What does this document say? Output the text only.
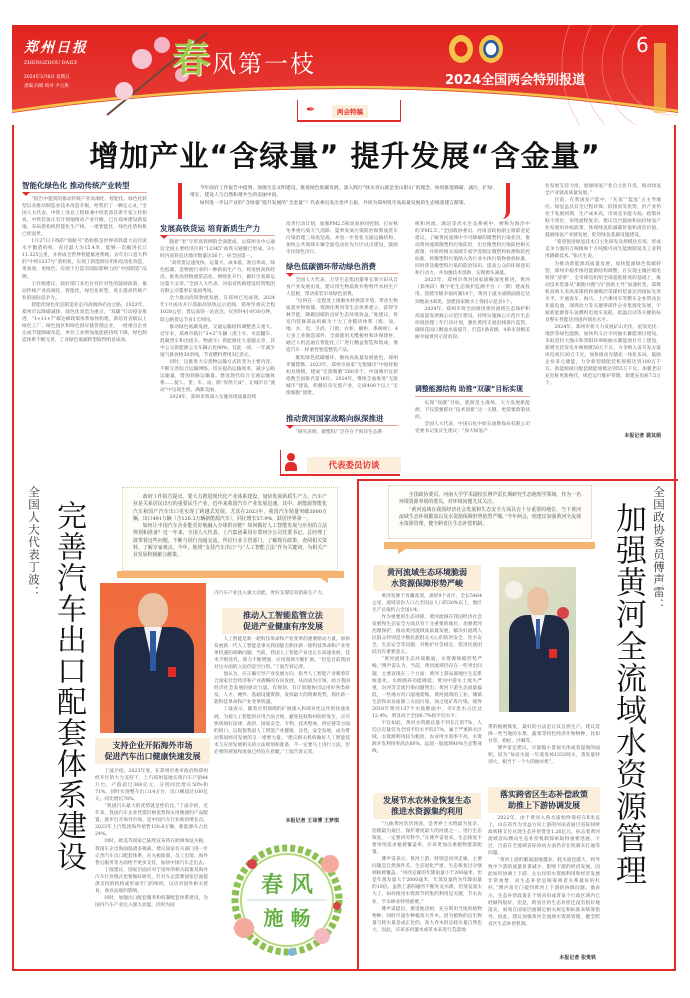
郑州日报
ZHENGZHOU DAILY
2024年3月8日 星期五
责编 向辉 校对 尹占典
春风第一枝
2024全国两会特别报道
6
✒	两会特稿
增加产业“含绿量” 提升发展“含金量”

今年政府工作报告中提到，加强生态文明建设，推进绿色低碳发展。深入践行“绿水青山就是金山银山”的理念，协同推进降碳、减污、扩绿、增长，建设人与自然和谐共生的美丽中国。

如何进一步以产业的“含绿量”提升发展的“含金量”？代表委员发出金声玉振，共同为郑州筑牢高质量发展的生态根基建言献策。

智能化绿色化 推动传统产业转型

“报告中提到的推动传统产业高端化、智能化、绿色化转型以及推动制造业技术改造升级，给我们了一颗定心丸。”全国人大代表、中铁工业总工程师兼中铁装备首席专家王杜娟说，中铁装备正有计划地推动产业升级，已在郑州建设新基地，布局盾构机智能化生产线，一批智能化、绿色化盾构机已经面世。

1月27日下线的“领航号”盾构机是世界高铁最大直径泥水平衡盾构机，直径最大为15.4米，能够一次掘进长江11.325公里，并将成全世界智能掘进系统。去年出口意大利的“中铁1237号”盾构机，实现了新能源应用和电动化改造，更高效、更绿色，有助于打造有国际影响力的“中国制造”品牌。

王杜娟建议，政府部门多出台有针对性的鼓励政策，推动传统产业高端化、智能化、绿色化转型，真正提高传统产业的国际竞争力。

智能化绿色化是制造业走向高端的必由之路。2023年，郑州市以降碳减排、绿色化改造为重点，“双碳”行动稳妥推进，“1+11+7”碳达峰政策体系加快构建，新培育省级以上绿色工厂、绿色园区和绿色供应链管理企业，一批重点企业完成节能降碳改造，单位工业增加值能耗持续下降，绿色制造体系不断完善，工业绿色低碳转型取得明显成效。

发展高铁货运 培育新质生产力

随着“米”字形高铁网的全面建成，以郑州为中心通达全国主要经济区的“12345”高铁交通圈已形成，3小时内高铁直达地市数量达56个，居全国第一。

“高铁货运速度快、运量大、成本低、准点率高、绿色低碳，是物流行业的一种新质生产力。将发展高铁经济，推进高铁物流常态化、网络化开行，做好空高联运这篇大文章。”全国人大代表、河南省铁路建设投资集团有限公司董事长张国秀说。

全力推动高铁物流发展，在郑州已见成效。2024年1月成功开行郑渝高铁快运示范线，郑州至重庆全程1028公里，货运高铁一站直达，仅用时4小时30分钟，较公路货运节省1天时间。

推动绿色低碳发展，交通运输结构调整意义重大。近年来，郑州市践行“3+2”车辆（渣土车、水泥罐车、混凝货车和出租车、物流车）新能源化大道题文章，其中公交新能源公交车辆占比98%，仅此一项，一年减少尾气排放物30余吨，节省燃料费用3亿余元。

同时，以推进大宗货物运输方式转变为主要内容，不断完善综合运输网络，切实提高运输效率，减少公路运输量，增加铁路运输量。建设现代综合交通运输体系……使人、货、车、站、路“浑然天成”，让城市在“流动”中呈现生机、满新美丽。

2024年，郑州市将深入实施环境质量持续

改善行动计划，加强PM2.5和臭氧协同控制，打好秋冬季重污染天气消除、夏季臭氧污染防治和柴油货车污染治理三场攻坚战。并进一步优化交通运输结构，加快公共领域车辆全面电动化先行区试点建设，鼓励市民绿色出行。

绿色低碳循环带动绿色消费

全国人大代表、万华生态集团董事长郭兴田从自身产业发展出发，建议用生物质废弃物替代木材生产人造板，带动家装市场绿色消费。

“这将在一定程度上缓解木材供需矛盾，带动生物质废弃物收储、资源化利用等生态体系建立，获得节林节能、降碳固碳的良好生态环境效益。”他建议，将室内装修部品拆解为十大工业模块体系（墙、顶、地、水、电、卫浴、门窗、衣柜、橱柜、系统柜），4万多工业制造部件，全部使用无醛板材和环保建材，通过人机直通在智能化工厂进行精益智造和集成，像造汽车一样柔性智造整装产品。

聚焦绿色低碳循环，擦亮高质量发展底色。郑州步履铿锵。2023年，郑州市国家“无废城市”中原样板初具规模，建成“无废细胞”260余个，中国城市宜居指数全国排名第16位。2024年，继续全面推进“无废城市”建设，积极培育无废产业，完成400个以上“无废细胞”创建。

推动黄河国家战略向纵深推进

“研究表明，微塑料广泛存在于海洋生态系

统和河流、湖泊等淡水生态系统中，被称为海洋中的‘PM2.5’。”全国政协委员、河南省政协副主席薛金花建议，了解黄河流域中不可降解的微塑料污染状况，推动黄河流域微塑料污染防治，出台微塑料污染防控相关政策，并组织相关领域专家学者制定微塑料检测和防控标准，将微塑料污染纳入各行业水体污染物排放标准。同时普及微塑料污染的防治知识，提高公众的环保意识和行动力，并加强技术创新，实现源头减量。

2023年，郑州市黄河国家战略深度推进。黄河（郑州段）数字化生态保护监测平台（一期）建成投用。创建市级幸福河湖10个，黄河干流水质断面稳定达到地表水Ⅱ类。创建国家级水土保持示范县1个。

2024年，郑州市将全面推进黄河流域生态保护和高质量发展核心示范区建设。持续实施核心示范区生态环境治理三年行动计划，强化黄河支流沿线排污监管，确保花园口断面水质提升，打造1条省级、4条市县级美丽幸福黄河示范河段。

调整能源结构 助推“双碳”目标实现

实现“双碳”目标，能源是主战场。大力发展新能源，不仅需要抓住“技术创新”这一关键，更需要政策扶持。

全国人大代表、中国石化中原石油勘探局有限公司党委书记张庆生建议：“加大绿氢产

业发展支持力度，加强绿氢产业自主化开发，推动绿氢全产业链高质量发展。”

目前，在我国氢产能中，“灰氢”“蓝氢”占主导地位。绿氢虽具有全过程环保、低排放等优势，但产业仍处于发展初期，生产成本高，市场竞争能力弱，政策补贴不到位，审批流程复杂。建议出台鼓励和扶持绿氢产业发展的补贴政策，体现绿氢的减碳价值和清洁价值，鼓励绿氢产业链发展，促进绿氢基础设施建设。

“希望促进绿氢技术自主化研发及规模化应用，形成竞争力强的万吨级和十万吨级可再生能源制氢及工业利用降碳技术。”张庆生说。

为推动新能源高质量发展，加快能源绿色低碳转型，郑州市稳步推进能源结构调整，在实现主城区煤电机组“清零”、全市煤电机组全部超低排放的基础上，推动技术装备从“跟跑并跑”向“创新主导”加速转变，郑煤机高端大采高采煤机和薄煤层采煤机装备达到国际先进水平。宇通客车、海马、上汽乘用车等整车企业带动比亚迪电池、深圳动力等关键零部件企业集群化发展，宇通新能源客车氢燃料电池车氢耗、低温启动等关键指标及整车性能达到国内领先水平。

2024年，郑州市将大力发展矿山光伏、屋顶光伏、地热等绿色能源，加快巩义后寺河抽水蓄能项目建设，争取登封大熊山和荥阳环翠峪抽水蓄能项目开工建设，新增光伏发电并网规模50万千瓦，力争纳入省开发方案风电项目30万千瓦。加快推动光储充一体化布局，鼓励企业多元储能，力争新型储能装机规模达到180万千瓦，新能源项目配套储能规模达到55万千瓦。加强老旧充电桩更新换代，规范运行维护管理，新建充电桩7.5万个。

本报记者 裴其娟
代表委员访谈
全国人大代表丁波： 完善汽车出口配套体系建设

政府工作报告提出，要大力推进现代化产业体系建设，加快发展新质生产力。汽车产业是关系居民出行的重要民生产业，近年来我国汽车产业发展迅速。其中，新能源智能化汽车和国产汽车出口更实现了跨越式发展。尤其在2023年，我国汽车销量突破3000万辆，出口491万辆（含120.3万辆新能源汽车），同比增长57.9%，跃居世界第一。

如何让中国汽车企业能更好地融入全球供应链？如何做好人工智能发展与应用的立法规划和准备？近一年来，全国人大代表、上汽集团乘用车郑州分公司党委书记、总经理丁波带着这些问题，不断与同行沟通交流，拜访行业主管部门，了解现有政策，查阅相关资料，了解专家观点。今年，他将“支持汽车出口”与“人工智能立法”作为关键词，为相关产业发展积极献言献策。

支持企业开拓海外市场
促进汽车出口健康快速发展

丁波介绍，2023年度，在郑州市委市政府和郑州经开区的大力支持下，上汽郑州基地实现汽车产销44万台，产值超过368亿元，分别同比增长50%和71%。同时实现整车出口14万台，出口额超过100亿元，同比增长76%。

“我国汽车最大的优势就是性价比。”丁波介绍，近年来，我国汽车企业凭借价格优势和实用便捷的产品配置，逐步打开海外市场，是中国汽车行业新的增长点。2023年上汽集团海外销售120.8万辆，新能源车占比24%。

同时，欧美等国家已陆续宣布将在欧洲加征关税，我国车企出海面临诸多挑战，建议国家有关部门进一步完善汽车出口配套体系，在关税政策、员工出境、海外售后服务等方面给予更多支持，加快中国汽车走出去。

丁波建议，国家层面应对于国外的相关政策及海外汽车行业模式也要做好研究，针对车企需要国家层面提供支持的机构或形成专门的组织，以应对国外相关贸易、商业法规的影响。

同时，加强出口配套服务和机制配套体系建设，为国内汽车产业注入强大动能，同时为国

内汽车产业注入强大动能，更好支撑培育新质生产力。

推动人工智能监管立法
促进产业健康有序发展

人工智能是新一轮科技革命和产业变革的重要驱动力量，加快发展新一代人工智能是事关我国能否抓住新一轮科技革命和产业变革机遇的战略问题。当前，我国人工智能产业也正在高速发展，技术不断迭代，算力不断增强，应用领域不断扩展。“但是目前我国对这方面的立法仍是空白的。”丁波告诉记者。

他认为，应正确引导产业发展方向，指导人工智能产业朝着符合国家社会经济和产业战略的方向发展，从而成为引领、助力我国经济社会发展的驱动力量。有规划、有计划地协同运用好各类研发、人才、硬件、基础设施资源，发挥最大的资源优势，抓住新一轮科技革命和产业变革机遇。

丁波表示，随着应用领域的扩展深入和商业化运作的快速发展，为使人工智能的应用合法合规，避免侵权和纠纷的发生，应尽快规划好法律、政府、国家安全、专利、技术壁垒、供应链等方面的接口，以促使我国人工智能产业健康、良性、安全发展，成为带动我国经济发展的又一重要力量。“建议相关机构做好人工智能技术与应用发展相关的立法规划和准备，不一定要马上进行立法，但必要的规划和准备已经迫在眉睫。”丁波告诉记者。

本报记者 王译博 王梦琪
春 风
施 畅

全国政协委员、河南大学学术副校长傅声雷长期研究生态地理学领域，作为一名环境资源界别的委员，对环境问题尤其关注。

“黄河流域在我国经济社会发展和生态安全方面具有十分重要的地位，当下黄河流域生态环境脆弱以及水资源保障形势依然严峻。”今年两会，他建议加强黄河全流域水资源管理，健全跨省区生态补偿机制。	全国政协委员傅声雷：
加强黄河全流域水资源管理
黄河流域生态环境脆弱
水资源保障形势严峻

黄河发源于青藏高原，流经9个省区，全长5464公里，流域省份人口占全国总人口的30%以上，地区生产总值约占全国1/4。

作为重要的生态屏障，黄河流域在我国经济社会发展和生态安全方面具有十分重要的地位，加强黄河治理保护，推动黄河流域高质量发展，解决好流域人民群众特别是少数民族群众关心的防洪安全、饮水安全、生态安全等问题，对维护社会稳定、促进民族团结具有重要意义。

“黄河流域生态环境脆弱，水资源保障形势严峻。”傅声雷认为，当前，黄河流域仍存在一些突出问题，主要表现在三个方面：黄河上游局部地区生态系统退化，水源涵养功能降低；黄河中游水土流失严重，汾河等支流污染问题突出；黄河下游生态流量偏低，一些地方河口湿地萎缩。黄河流域的工业、城镇生活和农业面源三方面污染，加之尾矿库污染，使得2018年黄河137个水质断面中，劣Ⅴ类水占比达12.4%，明显高于全国6.7%的平均水平。

不仅如此，黄河水资源总量不到长江的7%，人均占有量仅为全国平均水平的27%，属于严重缺水区域。水资源利用较为粗放，农业用水效率不高，水资源开发利用率高达80%，远超一般流域40%生态警戒线。

发展节水农林业恢复生态
推进水资源集约利用

“九曲黄河浩浩汤汤，是世界上水情最为复杂、治理最为艰巨、保护难度最大的河流之一。进行生态恢复，一定要讲究科学。”在傅声雷看来，生态恢复不要单纯追求植被覆盖率，应该更加注重植物群落配置。

傅声雷表示，黄河上游，特别是河西走廊，主要问题是自然条件差，生态退化严重，生态恢复过分强调植被覆盖。“河西走廊的年降雨量小于200毫米，但是年蒸发量大于2000毫米，年蒸发量约为年降雨量的10倍。虽然上游的融雪不断补充水源，但蒸发量太大了。如何推进水资源节约集约利用是关键，节水农业、节水林业特别重要。”

傅声雷提出，要适地适树，充分利用当地的植物物种，同时尽量少种植高大乔木。因为植物的总生物量与耗水量是成正比的，高大乔木的总耗水量自然也大，因此，应该多用灌木或草本来进行荒漠地

带的植被恢复，最好的方法是让其自然生产。建议选择一些当地的水果、蔬菜等特色经济作物物种，比如甘草、枸杞、沙棘等。

傅声雷还建议，尽量缩小景观水体或者湿地的面积，因为“每亩水面一年蒸发掉1333吨水，蒸发量特别大，相当于一个大的抽水机”。

落实跨省区生态补偿政策
助推上下游协调发展

2022年，由于黄河入鲁水质始终保持在Ⅱ类以上，山东省作为受益方向上游的河南省通过省际间财政转移支付兑现生态补偿资金1.26亿元，标志着黄河流域省际横向生态补偿机制探索取得重要进展。不过，目前在全流域省际协同方面仍存在机制未打通等问题。

“黄河上游的脆弱湿地越多，耗水量也越大，将导致中下游的流量显著减少，影响下游的经济发展。因此如何协调上下游、左右岸的水资源利用和经济发展非常重要，而生态补偿是统筹两者关系最好的杠杆。”傅声雷专门提到黄河上下游的协调问题。他表示，生态补偿政策在个别省份或者某个行政区域内已经做得很好，但是，跨省区的生态补偿还没有很好地落实，亟须在国家层面制定相关规定和标准来统筹指导。因此，建议加强黄河全流域水资源管理，健全跨省区生态补偿机制。

本报记者 张贵铁
